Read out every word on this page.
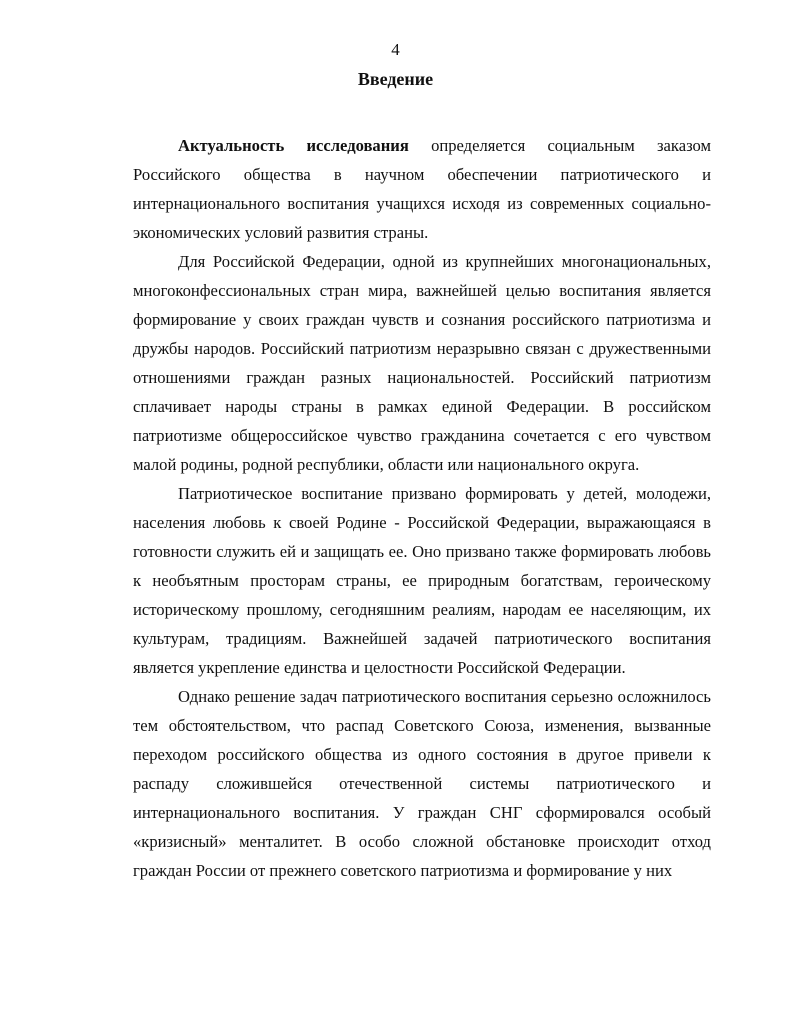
4
Введение

Актуальность исследования определяется социальным заказом Российского общества в научном обеспечении патриотического и интернационального воспитания учащихся исходя из современных социально-экономических условий развития страны.

Для Российской Федерации, одной из крупнейших многонациональных, многоконфессиональных стран мира, важнейшей целью воспитания является формирование у своих граждан чувств и сознания российского патриотизма и дружбы народов. Российский патриотизм неразрывно связан с дружественными отношениями граждан разных национальностей. Российский патриотизм сплачивает народы страны в рамках единой Федерации. В российском патриотизме общероссийское чувство гражданина сочетается с его чувством малой родины, родной республики, области или национального округа.

Патриотическое воспитание призвано формировать у детей, молодежи, населения любовь к своей Родине - Российской Федерации, выражающаяся в готовности служить ей и защищать ее. Оно призвано также формировать любовь к необъятным просторам страны, ее природным богатствам, героическому историческому прошлому, сегодняшним реалиям, народам ее населяющим, их культурам, традициям. Важнейшей задачей патриотического воспитания является укрепление единства и целостности Российской Федерации.

Однако решение задач патриотического воспитания серьезно осложнилось тем обстоятельством, что распад Советского Союза, изменения, вызванные переходом российского общества из одного состояния в другое привели к распаду сложившейся отечественной системы патриотического и интернационального воспитания. У граждан СНГ сформировался особый «кризисный» менталитет. В особо сложной обстановке происходит отход граждан России от прежнего советского патриотизма и формирование у них
